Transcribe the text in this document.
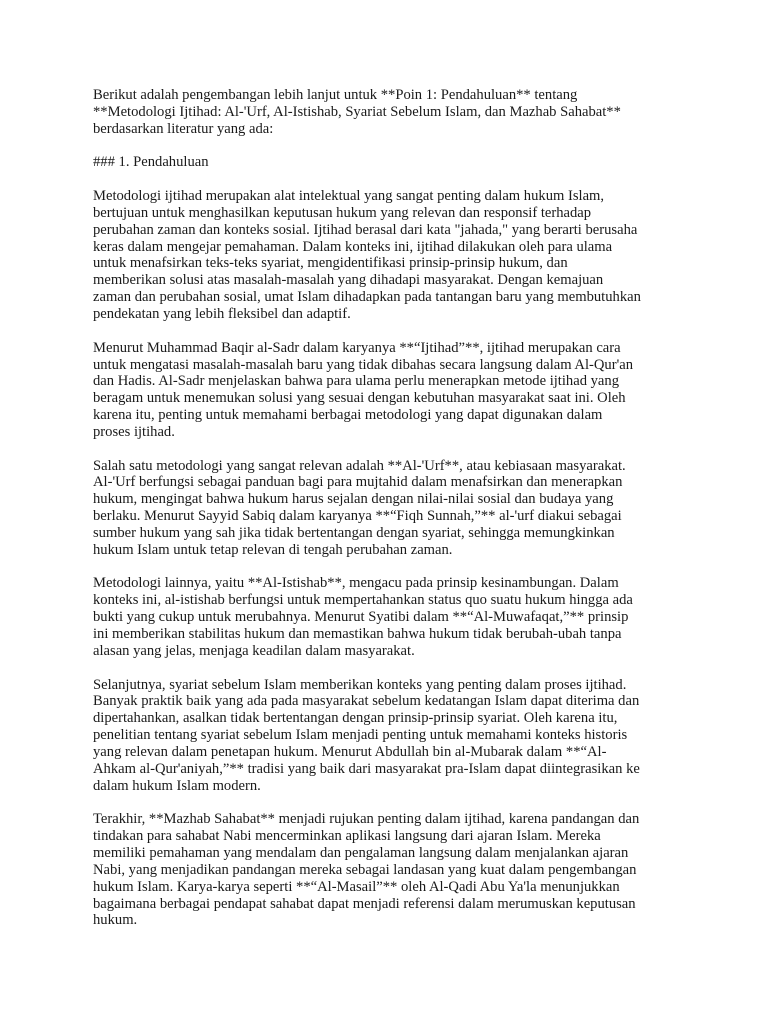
Berikut adalah pengembangan lebih lanjut untuk **Poin 1: Pendahuluan** tentang
**Metodologi Ijtihad: Al-'Urf, Al-Istishab, Syariat Sebelum Islam, dan Mazhab Sahabat**
berdasarkan literatur yang ada:

### 1. Pendahuluan

Metodologi ijtihad merupakan alat intelektual yang sangat penting dalam hukum Islam,
bertujuan untuk menghasilkan keputusan hukum yang relevan dan responsif terhadap
perubahan zaman dan konteks sosial. Ijtihad berasal dari kata "jahada," yang berarti berusaha
keras dalam mengejar pemahaman. Dalam konteks ini, ijtihad dilakukan oleh para ulama
untuk menafsirkan teks-teks syariat, mengidentifikasi prinsip-prinsip hukum, dan
memberikan solusi atas masalah-masalah yang dihadapi masyarakat. Dengan kemajuan
zaman dan perubahan sosial, umat Islam dihadapkan pada tantangan baru yang membutuhkan
pendekatan yang lebih fleksibel dan adaptif.

Menurut Muhammad Baqir al-Sadr dalam karyanya **“Ijtihad”**, ijtihad merupakan cara
untuk mengatasi masalah-masalah baru yang tidak dibahas secara langsung dalam Al-Qur'an
dan Hadis. Al-Sadr menjelaskan bahwa para ulama perlu menerapkan metode ijtihad yang
beragam untuk menemukan solusi yang sesuai dengan kebutuhan masyarakat saat ini. Oleh
karena itu, penting untuk memahami berbagai metodologi yang dapat digunakan dalam
proses ijtihad.

Salah satu metodologi yang sangat relevan adalah **Al-'Urf**, atau kebiasaan masyarakat.
Al-'Urf berfungsi sebagai panduan bagi para mujtahid dalam menafsirkan dan menerapkan
hukum, mengingat bahwa hukum harus sejalan dengan nilai-nilai sosial dan budaya yang
berlaku. Menurut Sayyid Sabiq dalam karyanya **“Fiqh Sunnah,”** al-'urf diakui sebagai
sumber hukum yang sah jika tidak bertentangan dengan syariat, sehingga memungkinkan
hukum Islam untuk tetap relevan di tengah perubahan zaman.

Metodologi lainnya, yaitu **Al-Istishab**, mengacu pada prinsip kesinambungan. Dalam
konteks ini, al-istishab berfungsi untuk mempertahankan status quo suatu hukum hingga ada
bukti yang cukup untuk merubahnya. Menurut Syatibi dalam **“Al-Muwafaqat,”** prinsip
ini memberikan stabilitas hukum dan memastikan bahwa hukum tidak berubah-ubah tanpa
alasan yang jelas, menjaga keadilan dalam masyarakat.

Selanjutnya, syariat sebelum Islam memberikan konteks yang penting dalam proses ijtihad.
Banyak praktik baik yang ada pada masyarakat sebelum kedatangan Islam dapat diterima dan
dipertahankan, asalkan tidak bertentangan dengan prinsip-prinsip syariat. Oleh karena itu,
penelitian tentang syariat sebelum Islam menjadi penting untuk memahami konteks historis
yang relevan dalam penetapan hukum. Menurut Abdullah bin al-Mubarak dalam **“Al-
Ahkam al-Qur'aniyah,”** tradisi yang baik dari masyarakat pra-Islam dapat diintegrasikan ke
dalam hukum Islam modern.

Terakhir, **Mazhab Sahabat** menjadi rujukan penting dalam ijtihad, karena pandangan dan
tindakan para sahabat Nabi mencerminkan aplikasi langsung dari ajaran Islam. Mereka
memiliki pemahaman yang mendalam dan pengalaman langsung dalam menjalankan ajaran
Nabi, yang menjadikan pandangan mereka sebagai landasan yang kuat dalam pengembangan
hukum Islam. Karya-karya seperti **“Al-Masail”** oleh Al-Qadi Abu Ya'la menunjukkan
bagaimana berbagai pendapat sahabat dapat menjadi referensi dalam merumuskan keputusan
hukum.
